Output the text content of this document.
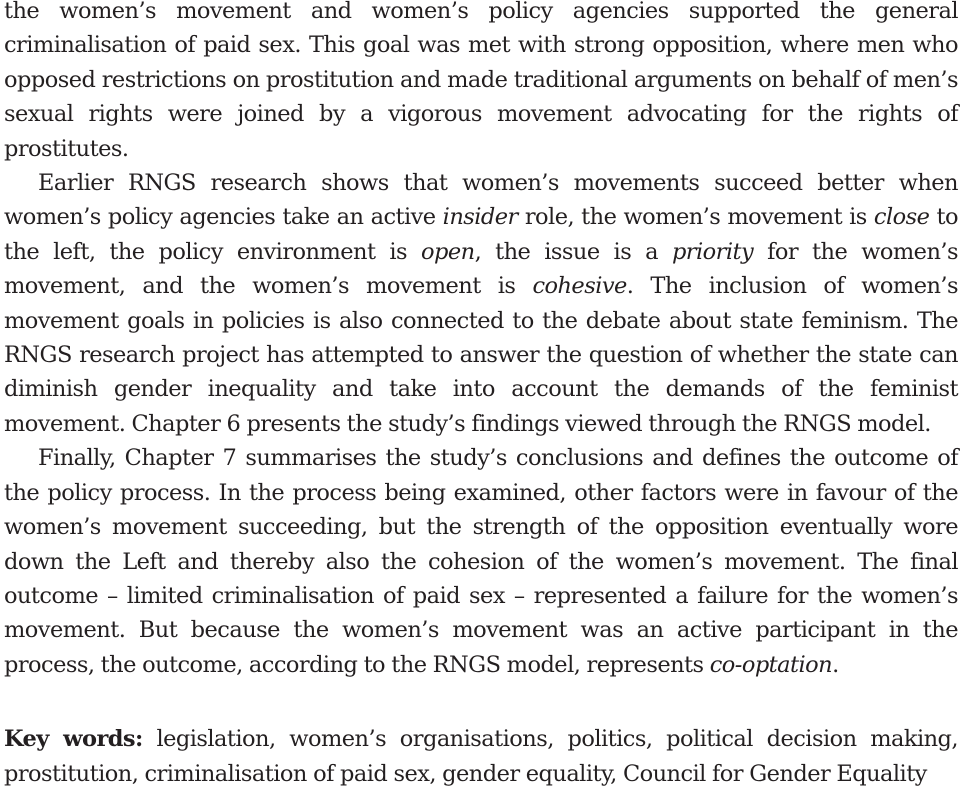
the women’s movement and women’s policy agencies supported the general criminalisation of paid sex. This goal was met with strong opposition, where men who opposed restrictions on prostitution and made traditional arguments on behalf of men’s sexual rights were joined by a vigorous movement advocating for the rights of prostitutes.

Earlier RNGS research shows that women’s movements succeed better when women’s policy agencies take an active insider role, the women’s movement is close to the left, the policy environment is open, the issue is a priority for the women’s movement, and the women’s movement is cohesive. The inclusion of women’s movement goals in policies is also connected to the debate about state feminism. The RNGS research project has attempted to answer the question of whether the state can diminish gender inequality and take into account the demands of the feminist movement. Chapter 6 presents the study’s findings viewed through the RNGS model.

Finally, Chapter 7 summarises the study’s conclusions and defines the outcome of the policy process. In the process being examined, other factors were in favour of the women’s movement succeeding, but the strength of the opposition eventually wore down the Left and thereby also the cohesion of the women’s movement. The final outcome – limited criminalisation of paid sex – represented a failure for the women’s movement. But because the women’s movement was an active participant in the process, the outcome, according to the RNGS model, represents co-optation.

Key words: legislation, women’s organisations, politics, political decision making, prostitution, criminalisation of paid sex, gender equality, Council for Gender Equality
